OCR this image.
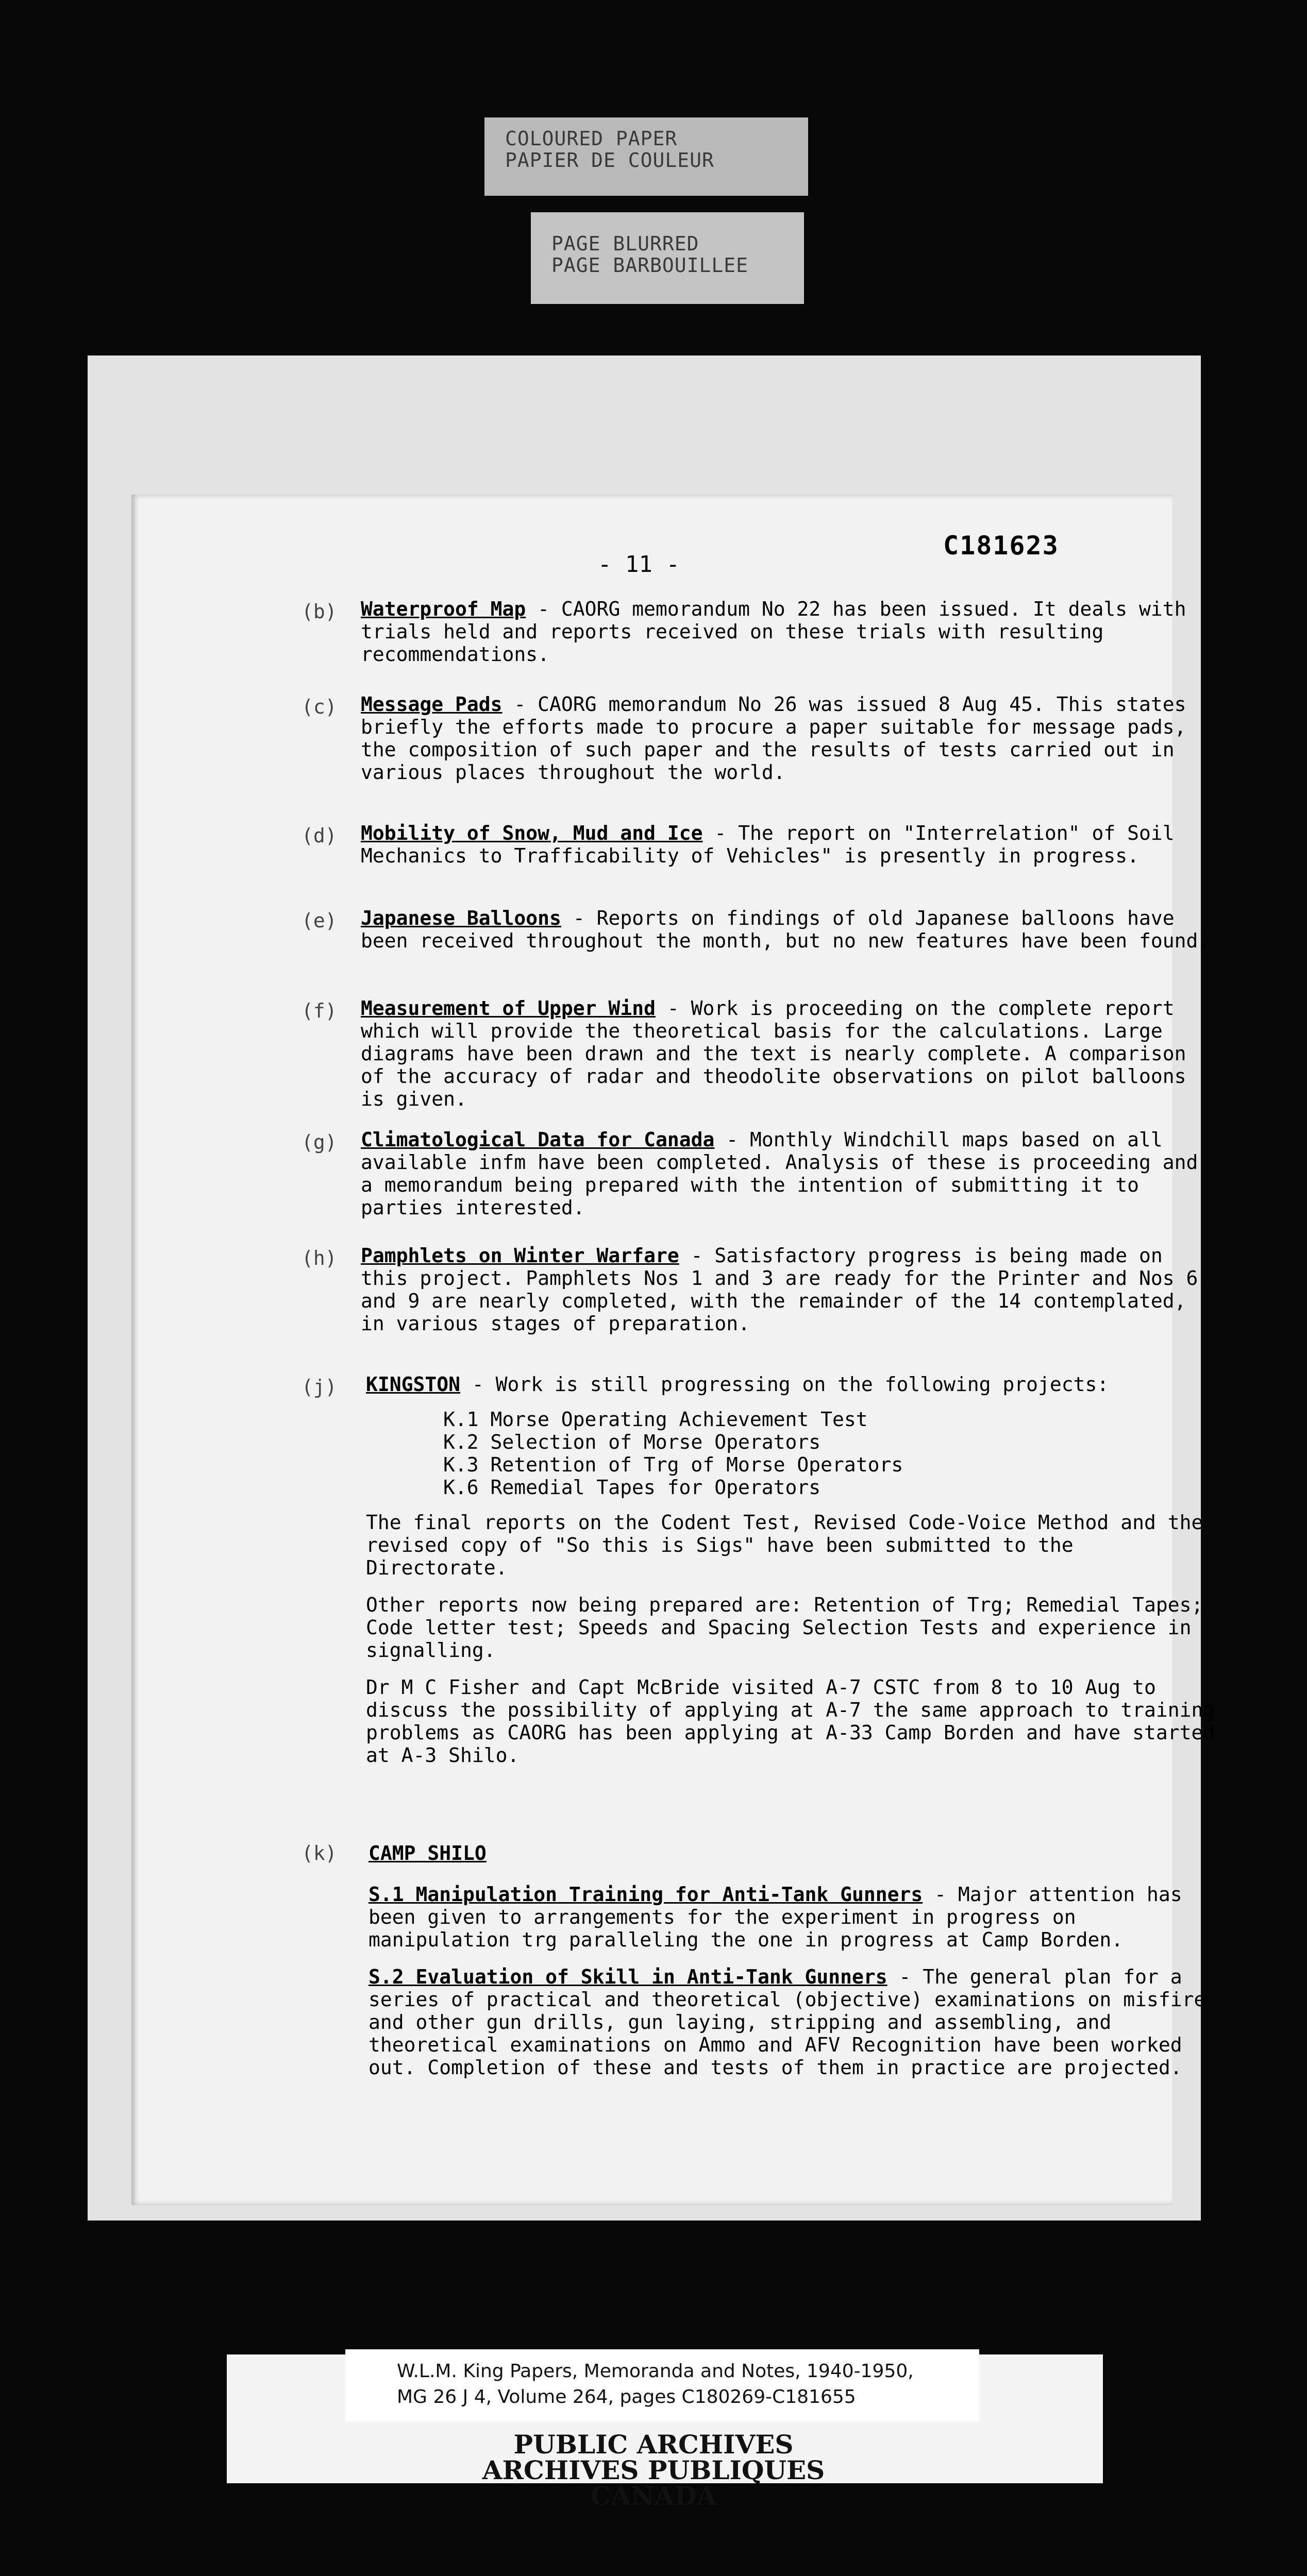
COLOURED PAPER
PAPIER DE COULEUR
PAGE BLURRED
PAGE BARBOUILLEE
- 11 -
C181623
(b) Waterproof Map - CAORG memorandum No 22 has been issued. It deals with trials held and reports received on these trials with resulting recommendations.

(c) Message Pads - CAORG memorandum No 26 was issued 8 Aug 45. This states briefly the efforts made to procure a paper suitable for message pads, the composition of such paper and the results of tests carried out in various places throughout the world.

(d) Mobility of Snow, Mud and Ice - The report on "Interrelation" of Soil Mechanics to Trafficability of Vehicles" is presently in progress.

(e) Japanese Balloons - Reports on findings of old Japanese balloons have been received throughout the month, but no new features have been found.

(f) Measurement of Upper Wind - Work is proceeding on the complete report which will provide the theoretical basis for the calculations. Large diagrams have been drawn and the text is nearly complete. A comparison of the accuracy of radar and theodolite observations on pilot balloons is given.

(g) Climatological Data for Canada - Monthly Windchill maps based on all available infm have been completed. Analysis of these is proceeding and a memorandum being prepared with the intention of submitting it to parties interested.

(h) Pamphlets on Winter Warfare - Satisfactory progress is being made on this project. Pamphlets Nos 1 and 3 are ready for the Printer and Nos 6 and 9 are nearly completed, with the remainder of the 14 contemplated, in various stages of preparation.

(j) KINGSTON - Work is still progressing on the following projects:

K.1 Morse Operating Achievement Test
K.2 Selection of Morse Operators
K.3 Retention of Trg of Morse Operators
K.6 Remedial Tapes for Operators

The final reports on the Codent Test, Revised Code-Voice Method and the revised copy of "So this is Sigs" have been submitted to the Directorate.

Other reports now being prepared are: Retention of Trg; Remedial Tapes; Code letter test; Speeds and Spacing Selection Tests and experience in signalling.

Dr M C Fisher and Capt McBride visited A-7 CSTC from 8 to 10 Aug to discuss the possibility of applying at A-7 the same approach to training problems as CAORG has been applying at A-33 Camp Borden and have started at A-3 Shilo.

(k) CAMP SHILO

S.1 Manipulation Training for Anti-Tank Gunners - Major attention has been given to arrangements for the experiment in progress on manipulation trg paralleling the one in progress at Camp Borden.

S.2 Evaluation of Skill in Anti-Tank Gunners - The general plan for a series of practical and theoretical (objective) examinations on misfire and other gun drills, gun laying, stripping and assembling, and theoretical examinations on Ammo and AFV Recognition have been worked out. Completion of these and tests of them in practice are projected.

W.L.M. King Papers, Memoranda and Notes, 1940-1950,
MG 26 J 4, Volume 264, pages C180269-C181655
PUBLIC ARCHIVES
ARCHIVES PUBLIQUES
CANADA
